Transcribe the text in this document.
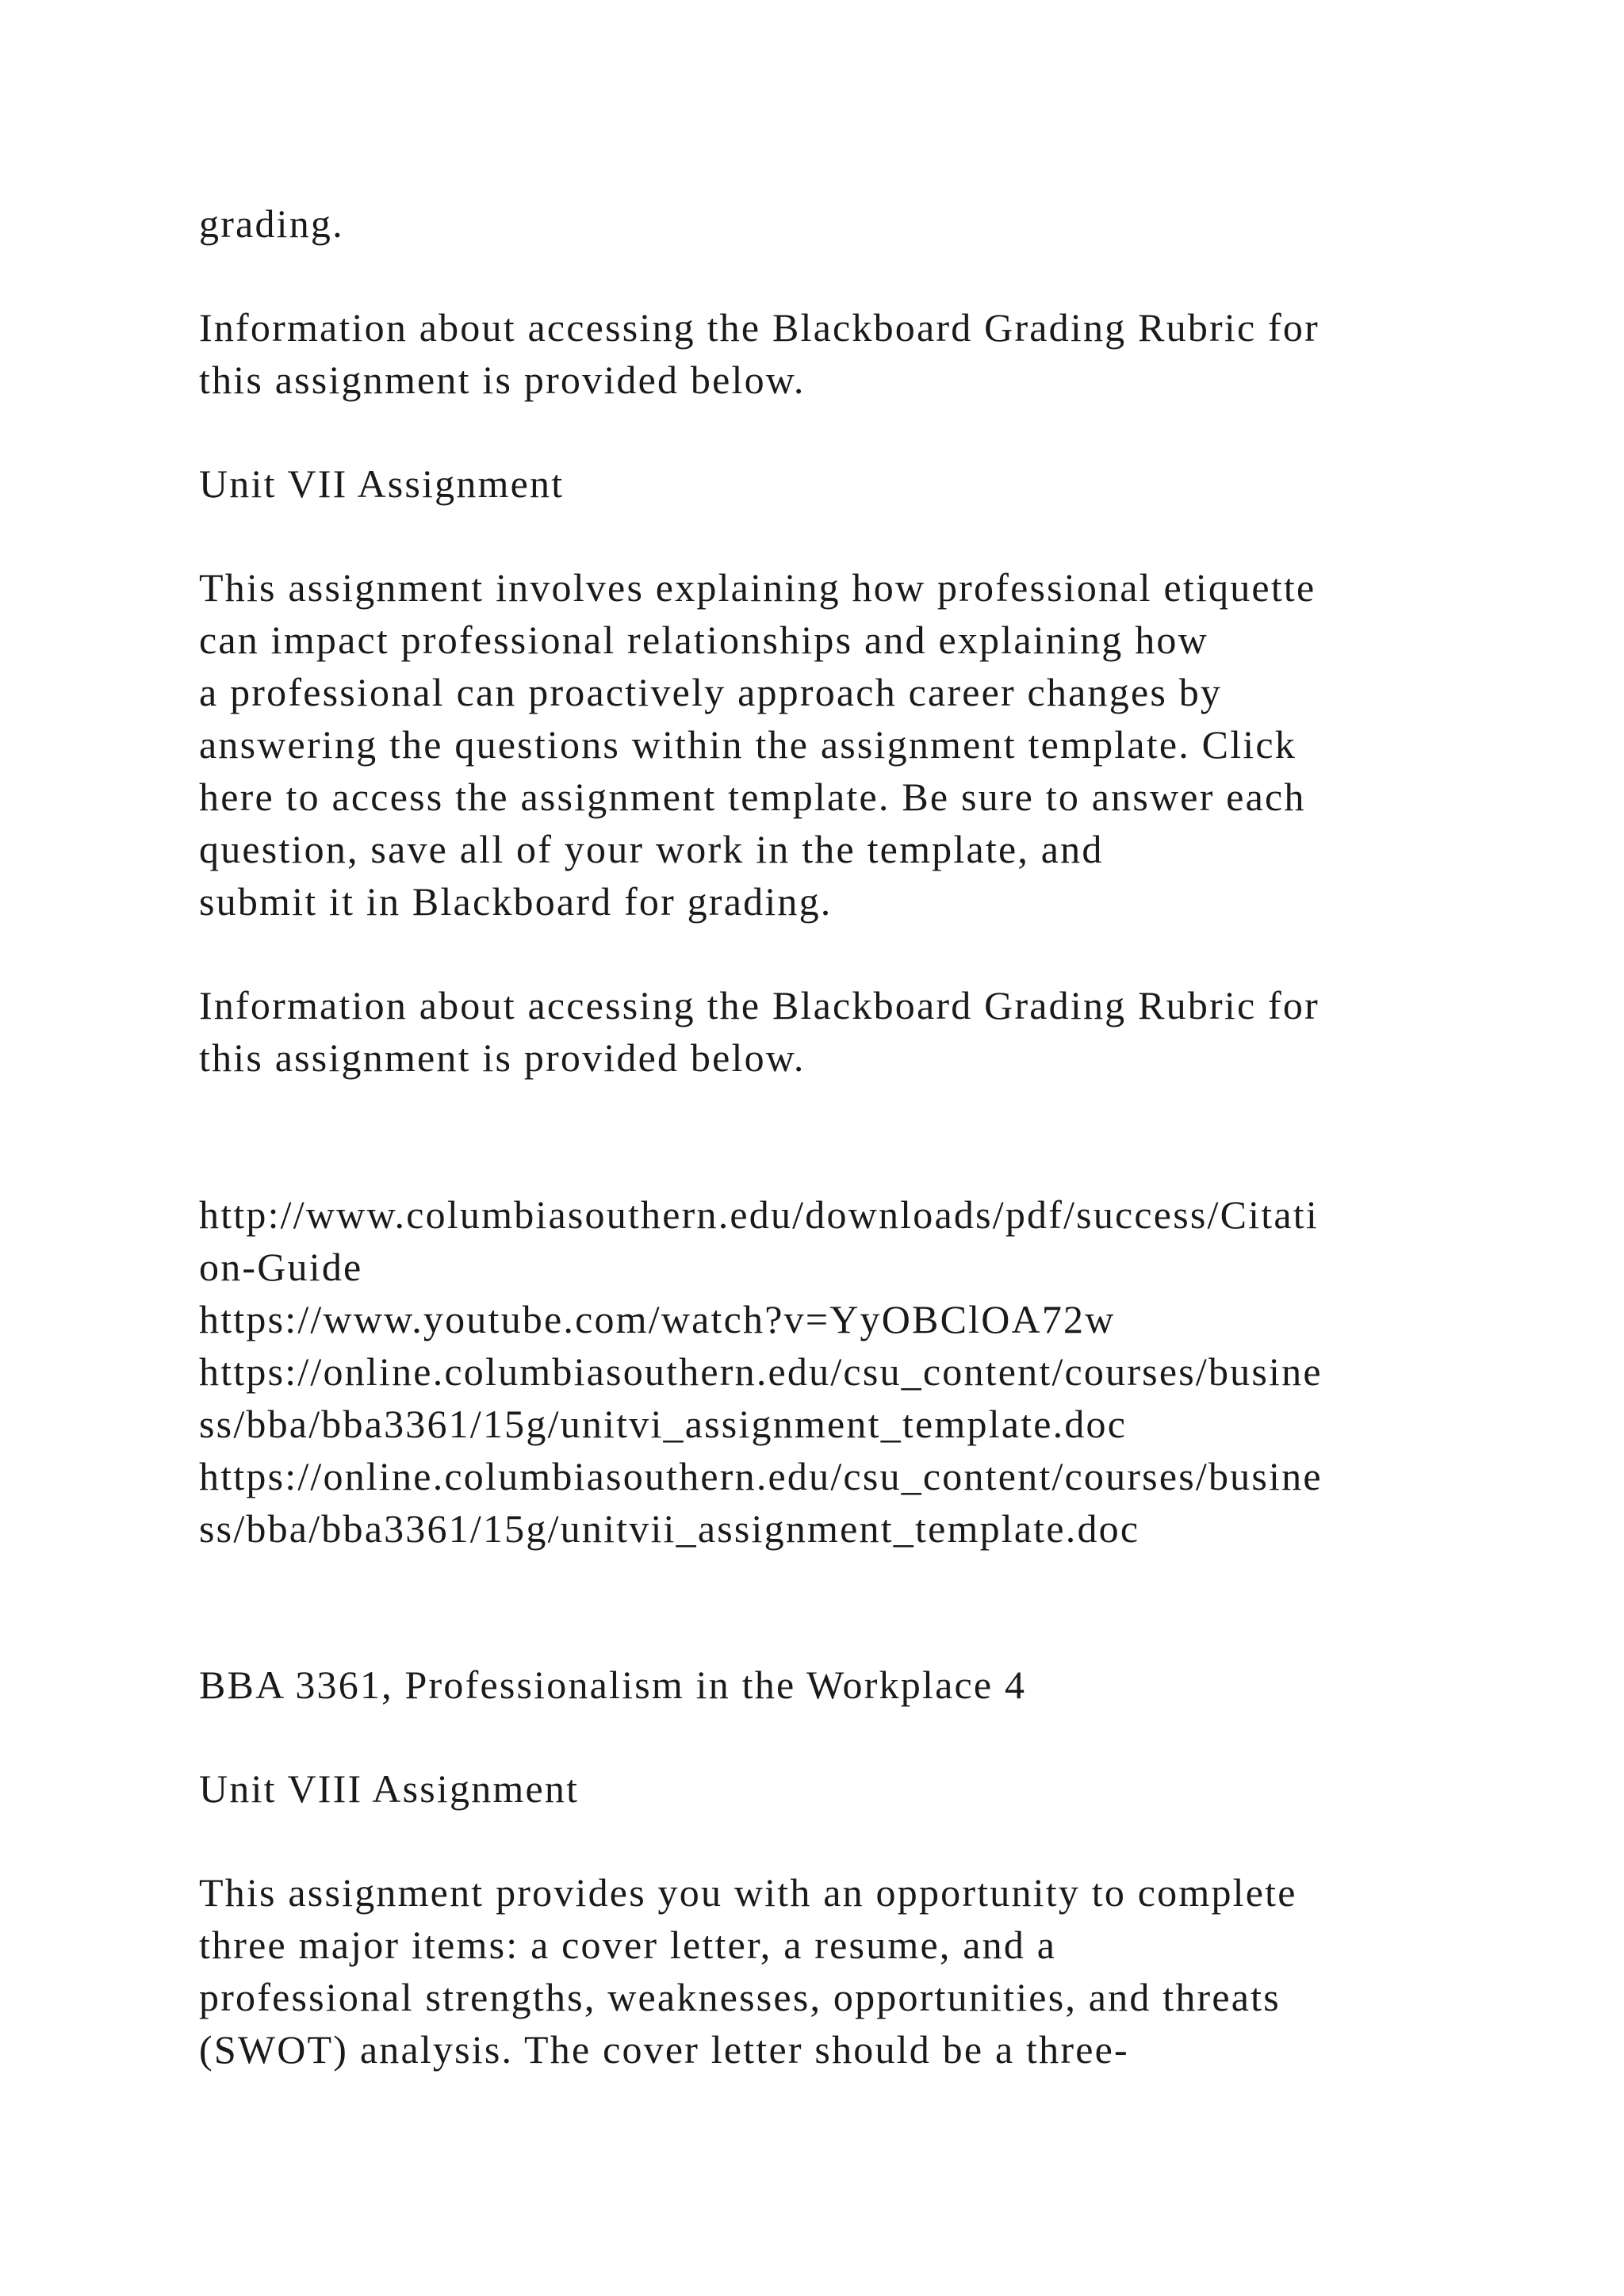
grading.

Information about accessing the Blackboard Grading Rubric for

this assignment is provided below.

Unit VII Assignment

This assignment involves explaining how professional etiquette

can impact professional relationships and explaining how

a professional can proactively approach career changes by

answering the questions within the assignment template. Click

here to access the assignment template. Be sure to answer each

question, save all of your work in the template, and

submit it in Blackboard for grading.

Information about accessing the Blackboard Grading Rubric for

this assignment is provided below.

http://www.columbiasouthern.edu/downloads/pdf/success/Citati

on-Guide

https://www.youtube.com/watch?v=YyOBClOA72w

https://online.columbiasouthern.edu/csu_content/courses/busine

ss/bba/bba3361/15g/unitvi_assignment_template.doc

https://online.columbiasouthern.edu/csu_content/courses/busine

ss/bba/bba3361/15g/unitvii_assignment_template.doc

BBA 3361, Professionalism in the Workplace 4

Unit VIII Assignment

This assignment provides you with an opportunity to complete

three major items: a cover letter, a resume, and a

professional strengths, weaknesses, opportunities, and threats

(SWOT) analysis. The cover letter should be a three-
